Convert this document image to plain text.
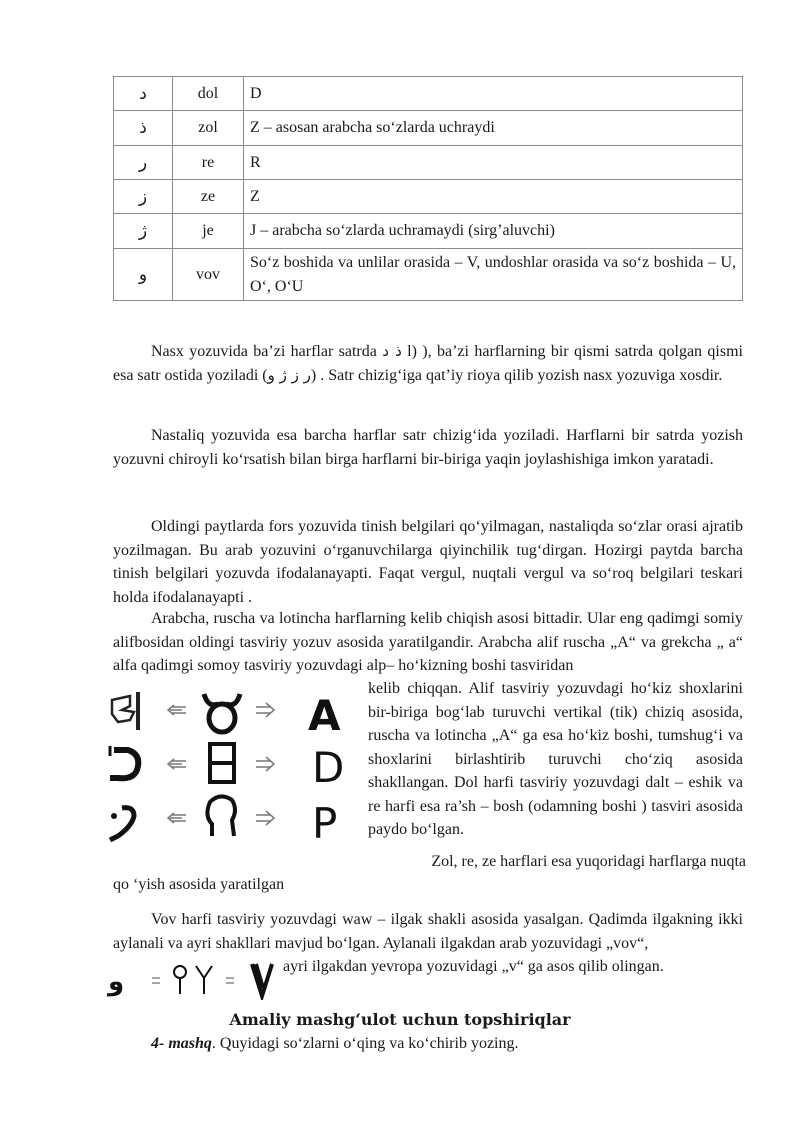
د	dol	D
ذ	zol	Z – asosan arabcha so‘zlarda uchraydi
ر	re	R
ز	ze	Z
ژ	je	J – arabcha so‘zlarda uchramaydi (sirg’aluvchi)
و	vov	So‘z boshida va unlilar orasida – V, undoshlar orasida va so‘z boshida – U, O‘, O‘U

Nasx yozuvida ba’zi harflar satrda ذ د l) ), ba’zi harflarning bir qismi satrda qolgan qismi esa satr ostida yoziladi (ر ز ژ و) . Satr chizig‘iga qat’iy rioya qilib yozish nasx yozuviga xosdir.

Nastaliq yozuvida esa barcha harflar satr chizig‘ida yoziladi. Harflarni bir satrda yozish yozuvni chiroyli ko‘rsatish bilan birga harflarni bir-biriga yaqin joylashishiga imkon yaratadi.

Oldingi paytlarda fors yozuvida tinish belgilari qo‘yilmagan, nastaliqda so‘zlar orasi ajratib yozilmagan. Bu arab yozuvini o‘rganuvchilarga qiyinchilik tug‘dirgan. Hozirgi paytda barcha tinish belgilari yozuvda ifodalanayapti. Faqat vergul, nuqtali vergul va so‘roq belgilari teskari holda ifodalanayapti .

Arabcha, ruscha va lotincha harflarning kelib chiqish asosi bittadir. Ular eng qadimgi somiy alifbosidan oldingi tasviriy yozuv asosida yaratilgandir. Arabcha alif ruscha „A“ va grekcha „ a“ alfa qadimgi somoy tasviriy yozuvdagi alp– ho‘kizning boshi tasviridan

A
D
P

kelib chiqqan. Alif tasviriy yozuvdagi ho‘kiz shoxlarini bir-biriga bog‘lab turuvchi vertikal (tik) chiziq asosida, ruscha va lotincha „A“ ga esa ho‘kiz boshi, tumshug‘i va shoxlarini birlashtirib turuvchi cho‘ziq asosida shakllangan. Dol harfi tasviriy yozuvdagi dalt – eshik va re harfi esa ra’sh – bosh (odamning boshi ) tasviri asosida paydo bo‘lgan.

Zol, re, ze harflari esa yuqoridagi harflarga nuqta

qo ‘yish asosida yaratilgan

Vov harfi tasviriy yozuvdagi waw – ilgak shakli asosida yasalgan. Qadimda ilgakning ikki aylanali va ayri shakllari mavjud bo‘lgan. Aylanali ilgakdan arab yozuvidagi „vov“,

و

ayri ilgakdan yevropa yozuvidagi „v“ ga asos qilib olingan.

Amaliy mashg‘ulot uchun topshiriqlar

4- mashq. Quyidagi so‘zlarni o‘qing va ko‘chirib yozing.
